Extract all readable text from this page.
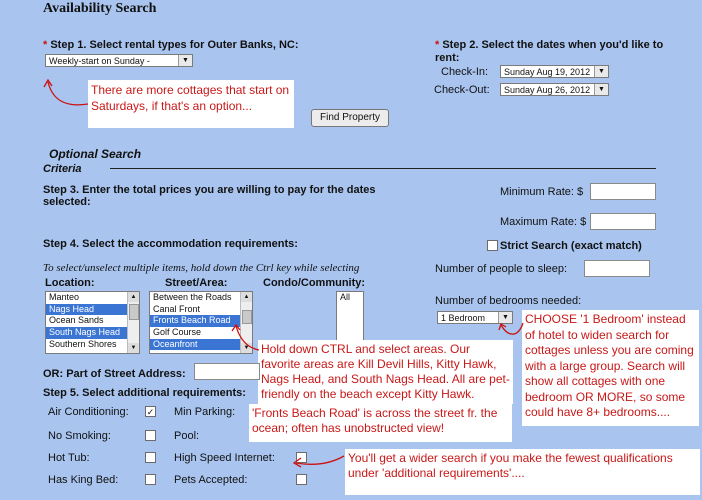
Availability Search
* Step 1. Select rental types for Outer Banks, NC:
Weekly-start on Sunday -	▼
There are more cottages that start on Saturdays, if that's an option...
* Step 2. Select the dates when you'd like to rent:
Check-In:	Sunday Aug 19, 2012	▼
Check-Out:	Sunday Aug 26, 2012	▼
Find Property
Optional Search
Criteria
Step 3. Enter the total prices you are willing to pay for the dates selected:
Minimum Rate: $
Maximum Rate: $
Step 4. Select the accommodation requirements:	Strict Search (exact match)
To select/unselect multiple items, hold down the Ctrl key while selecting
Location:	Street/Area:	Condo/Community:
Manteo
Nags Head
Ocean Sands
South Nags Head
Southern Shores
▲
▼
Between the Roads
Canal Front
Fronts Beach Road
Golf Course
Oceanfront
▲
▼
All
Number of people to sleep:
Number of bedrooms needed:
1 Bedroom	▼ CHOOSE '1 Bedroom' instead of hotel to widen search for cottages unless you are coming with a large group. Search will show all cottages with one bedroom OR MORE, so some could have 8+ bedrooms....
Hold down CTRL and select areas. Our favorite areas are Kill Devil Hills, Kitty Hawk, Nags Head, and South Nags Head. All are pet-friendly on the beach except Kitty Hawk.
OR: Part of Street Address:
Step 5. Select additional requirements:
Air Conditioning: ✓ Min Parking:
No Smoking:	Pool:
Hot Tub:	High Speed Internet:
Has King Bed:	Pets Accepted:
'Fronts Beach Road' is across the street fr. the ocean; often has unobstructed view!
You'll get a wider search if you make the fewest qualifications under 'additional requirements'....
